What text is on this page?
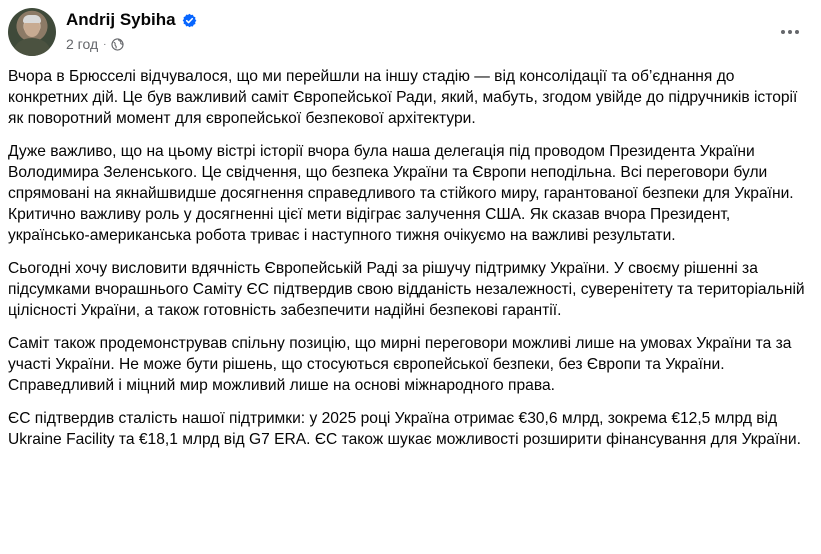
Andrij Sybiha
2 год ·

Вчора в Брюсселі відчувалося, що ми перейшли на іншу стадію — від консолідації та об’єднання до конкретних дій. Це був важливий саміт Європейської Ради, який, мабуть, згодом увійде до підручників історії як поворотний момент для європейської безпекової архітектури.

Дуже важливо, що на цьому вістрі історії вчора була наша делегація під проводом Президента України Володимира Зеленського. Це свідчення, що безпека України та Європи неподільна. Всі переговори були спрямовані на якнайшвидше досягнення справедливого та стійкого миру, гарантованої безпеки для України. Критично важливу роль у досягненні цієї мети відіграє залучення США. Як сказав вчора Президент, українсько-американська робота триває і наступного тижня очікуємо на важливі результати.

Сьогодні хочу висловити вдячність Європейській Раді за рішучу підтримку України. У своєму рішенні за підсумками вчорашнього Саміту ЄС підтвердив свою відданість незалежності, суверенітету та територіальній цілісності України, а також готовність забезпечити надійні безпекові гарантії.

Саміт також продемонстрував спільну позицію, що мирні переговори можливі лише на умовах України та за участі України. Не може бути рішень, що стосуються європейської безпеки, без Європи та України. Справедливий і міцний мир можливий лише на основі міжнародного права.

ЄС підтвердив сталість нашої підтримки: у 2025 році Україна отримає €30,6 млрд, зокрема €12,5 млрд від Ukraine Facility та €18,1 млрд від G7 ERA. ЄС також шукає можливості розширити фінансування для України.
